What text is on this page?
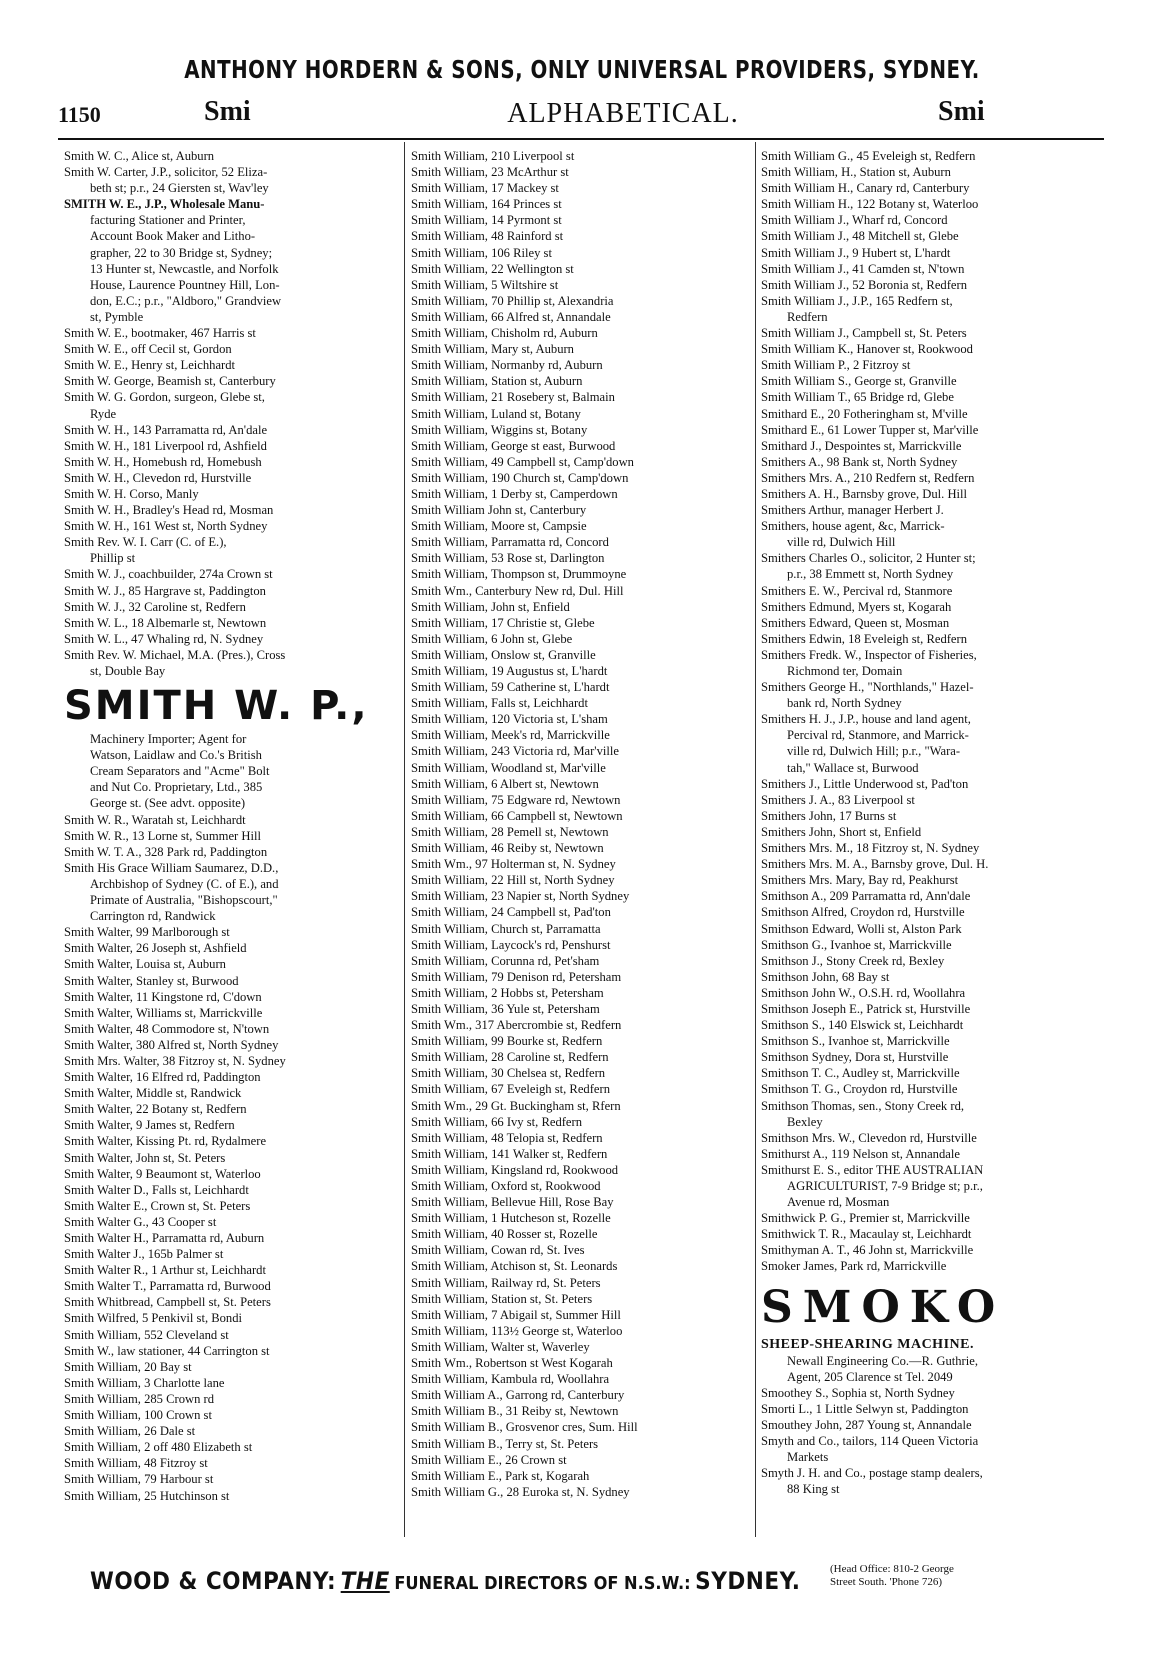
ANTHONY HORDERN & SONS, ONLY UNIVERSAL PROVIDERS, SYDNEY.
1150	Smi	ALPHABETICAL.	Smi
Smith W. C., Alice st, Auburn
Smith W. Carter, J.P., solicitor, 52 Eliza-
beth st; p.r., 24 Giersten st, Wav'ley
SMITH W. E., J.P., Wholesale Manu-
facturing Stationer and Printer,
Account Book Maker and Litho-
grapher, 22 to 30 Bridge st, Sydney;
13 Hunter st, Newcastle, and Norfolk
House, Laurence Pountney Hill, Lon-
don, E.C.; p.r., "Aldboro," Grandview
st, Pymble
Smith W. E., bootmaker, 467 Harris st
Smith W. E., off Cecil st, Gordon
Smith W. E., Henry st, Leichhardt
Smith W. George, Beamish st, Canterbury
Smith W. G. Gordon, surgeon, Glebe st,
Ryde
Smith W. H., 143 Parramatta rd, An'dale
Smith W. H., 181 Liverpool rd, Ashfield
Smith W. H., Homebush rd, Homebush
Smith W. H., Clevedon rd, Hurstville
Smith W. H. Corso, Manly
Smith W. H., Bradley's Head rd, Mosman
Smith W. H., 161 West st, North Sydney
Smith Rev. W. I. Carr (C. of E.),
Phillip st
Smith W. J., coachbuilder, 274a Crown st
Smith W. J., 85 Hargrave st, Paddington
Smith W. J., 32 Caroline st, Redfern
Smith W. L., 18 Albemarle st, Newtown
Smith W. L., 47 Whaling rd, N. Sydney
Smith Rev. W. Michael, M.A. (Pres.), Cross
st, Double Bay
SMITH W. P.,
Machinery Importer; Agent for
Watson, Laidlaw and Co.'s British
Cream Separators and "Acme" Bolt
and Nut Co. Proprietary, Ltd., 385
George st. (See advt. opposite)
Smith W. R., Waratah st, Leichhardt
Smith W. R., 13 Lorne st, Summer Hill
Smith W. T. A., 328 Park rd, Paddington
Smith His Grace William Saumarez, D.D.,
Archbishop of Sydney (C. of E.), and
Primate of Australia, "Bishopscourt,"
Carrington rd, Randwick
Smith Walter, 99 Marlborough st
Smith Walter, 26 Joseph st, Ashfield
Smith Walter, Louisa st, Auburn
Smith Walter, Stanley st, Burwood
Smith Walter, 11 Kingstone rd, C'down
Smith Walter, Williams st, Marrickville
Smith Walter, 48 Commodore st, N'town
Smith Walter, 380 Alfred st, North Sydney
Smith Mrs. Walter, 38 Fitzroy st, N. Sydney
Smith Walter, 16 Elfred rd, Paddington
Smith Walter, Middle st, Randwick
Smith Walter, 22 Botany st, Redfern
Smith Walter, 9 James st, Redfern
Smith Walter, Kissing Pt. rd, Rydalmere
Smith Walter, John st, St. Peters
Smith Walter, 9 Beaumont st, Waterloo
Smith Walter D., Falls st, Leichhardt
Smith Walter E., Crown st, St. Peters
Smith Walter G., 43 Cooper st
Smith Walter H., Parramatta rd, Auburn
Smith Walter J., 165b Palmer st
Smith Walter R., 1 Arthur st, Leichhardt
Smith Walter T., Parramatta rd, Burwood
Smith Whitbread, Campbell st, St. Peters
Smith Wilfred, 5 Penkivil st, Bondi
Smith William, 552 Cleveland st
Smith W., law stationer, 44 Carrington st
Smith William, 20 Bay st
Smith William, 3 Charlotte lane
Smith William, 285 Crown rd
Smith William, 100 Crown st
Smith William, 26 Dale st
Smith William, 2 off 480 Elizabeth st
Smith William, 48 Fitzroy st
Smith William, 79 Harbour st
Smith William, 25 Hutchinson st
Smith William, 210 Liverpool st
Smith William, 23 McArthur st
Smith William, 17 Mackey st
Smith William, 164 Princes st
Smith William, 14 Pyrmont st
Smith William, 48 Rainford st
Smith William, 106 Riley st
Smith William, 22 Wellington st
Smith William, 5 Wiltshire st
Smith William, 70 Phillip st, Alexandria
Smith William, 66 Alfred st, Annandale
Smith William, Chisholm rd, Auburn
Smith William, Mary st, Auburn
Smith William, Normanby rd, Auburn
Smith William, Station st, Auburn
Smith William, 21 Rosebery st, Balmain
Smith William, Luland st, Botany
Smith William, Wiggins st, Botany
Smith William, George st east, Burwood
Smith William, 49 Campbell st, Camp'down
Smith William, 190 Church st, Camp'down
Smith William, 1 Derby st, Camperdown
Smith William John st, Canterbury
Smith William, Moore st, Campsie
Smith William, Parramatta rd, Concord
Smith William, 53 Rose st, Darlington
Smith William, Thompson st, Drummoyne
Smith Wm., Canterbury New rd, Dul. Hill
Smith William, John st, Enfield
Smith William, 17 Christie st, Glebe
Smith William, 6 John st, Glebe
Smith William, Onslow st, Granville
Smith William, 19 Augustus st, L'hardt
Smith William, 59 Catherine st, L'hardt
Smith William, Falls st, Leichhardt
Smith William, 120 Victoria st, L'sham
Smith William, Meek's rd, Marrickville
Smith William, 243 Victoria rd, Mar'ville
Smith William, Woodland st, Mar'ville
Smith William, 6 Albert st, Newtown
Smith William, 75 Edgware rd, Newtown
Smith William, 66 Campbell st, Newtown
Smith William, 28 Pemell st, Newtown
Smith William, 46 Reiby st, Newtown
Smith Wm., 97 Holterman st, N. Sydney
Smith William, 22 Hill st, North Sydney
Smith William, 23 Napier st, North Sydney
Smith William, 24 Campbell st, Pad'ton
Smith William, Church st, Parramatta
Smith William, Laycock's rd, Penshurst
Smith William, Corunna rd, Pet'sham
Smith William, 79 Denison rd, Petersham
Smith William, 2 Hobbs st, Petersham
Smith William, 36 Yule st, Petersham
Smith Wm., 317 Abercrombie st, Redfern
Smith William, 99 Bourke st, Redfern
Smith William, 28 Caroline st, Redfern
Smith William, 30 Chelsea st, Redfern
Smith William, 67 Eveleigh st, Redfern
Smith Wm., 29 Gt. Buckingham st, Rfern
Smith William, 66 Ivy st, Redfern
Smith William, 48 Telopia st, Redfern
Smith William, 141 Walker st, Redfern
Smith William, Kingsland rd, Rookwood
Smith William, Oxford st, Rookwood
Smith William, Bellevue Hill, Rose Bay
Smith William, 1 Hutcheson st, Rozelle
Smith William, 40 Rosser st, Rozelle
Smith William, Cowan rd, St. Ives
Smith William, Atchison st, St. Leonards
Smith William, Railway rd, St. Peters
Smith William, Station st, St. Peters
Smith William, 7 Abigail st, Summer Hill
Smith William, 113½ George st, Waterloo
Smith William, Walter st, Waverley
Smith Wm., Robertson st West Kogarah
Smith William, Kambula rd, Woollahra
Smith William A., Garrong rd, Canterbury
Smith William B., 31 Reiby st, Newtown
Smith William B., Grosvenor cres, Sum. Hill
Smith William B., Terry st, St. Peters
Smith William E., 26 Crown st
Smith William E., Park st, Kogarah
Smith William G., 28 Euroka st, N. Sydney
Smith William G., 45 Eveleigh st, Redfern
Smith William, H., Station st, Auburn
Smith William H., Canary rd, Canterbury
Smith William H., 122 Botany st, Waterloo
Smith William J., Wharf rd, Concord
Smith William J., 48 Mitchell st, Glebe
Smith William J., 9 Hubert st, L'hardt
Smith William J., 41 Camden st, N'town
Smith William J., 52 Boronia st, Redfern
Smith William J., J.P., 165 Redfern st,
Redfern
Smith William J., Campbell st, St. Peters
Smith William K., Hanover st, Rookwood
Smith William P., 2 Fitzroy st
Smith William S., George st, Granville
Smith William T., 65 Bridge rd, Glebe
Smithard E., 20 Fotheringham st, M'ville
Smithard E., 61 Lower Tupper st, Mar'ville
Smithard J., Despointes st, Marrickville
Smithers A., 98 Bank st, North Sydney
Smithers Mrs. A., 210 Redfern st, Redfern
Smithers A. H., Barnsby grove, Dul. Hill
Smithers Arthur, manager Herbert J.
Smithers, house agent, &c, Marrick-
ville rd, Dulwich Hill
Smithers Charles O., solicitor, 2 Hunter st;
p.r., 38 Emmett st, North Sydney
Smithers E. W., Percival rd, Stanmore
Smithers Edmund, Myers st, Kogarah
Smithers Edward, Queen st, Mosman
Smithers Edwin, 18 Eveleigh st, Redfern
Smithers Fredk. W., Inspector of Fisheries,
Richmond ter, Domain
Smithers George H., "Northlands," Hazel-
bank rd, North Sydney
Smithers H. J., J.P., house and land agent,
Percival rd, Stanmore, and Marrick-
ville rd, Dulwich Hill; p.r., "Wara-
tah," Wallace st, Burwood
Smithers J., Little Underwood st, Pad'ton
Smithers J. A., 83 Liverpool st
Smithers John, 17 Burns st
Smithers John, Short st, Enfield
Smithers Mrs. M., 18 Fitzroy st, N. Sydney
Smithers Mrs. M. A., Barnsby grove, Dul. H.
Smithers Mrs. Mary, Bay rd, Peakhurst
Smithson A., 209 Parramatta rd, Ann'dale
Smithson Alfred, Croydon rd, Hurstville
Smithson Edward, Wolli st, Alston Park
Smithson G., Ivanhoe st, Marrickville
Smithson J., Stony Creek rd, Bexley
Smithson John, 68 Bay st
Smithson John W., O.S.H. rd, Woollahra
Smithson Joseph E., Patrick st, Hurstville
Smithson S., 140 Elswick st, Leichhardt
Smithson S., Ivanhoe st, Marrickville
Smithson Sydney, Dora st, Hurstville
Smithson T. C., Audley st, Marrickville
Smithson T. G., Croydon rd, Hurstville
Smithson Thomas, sen., Stony Creek rd,
Bexley
Smithson Mrs. W., Clevedon rd, Hurstville
Smithurst A., 119 Nelson st, Annandale
Smithurst E. S., editor THE AUSTRALIAN
AGRICULTURIST, 7-9 Bridge st; p.r.,
Avenue rd, Mosman
Smithwick P. G., Premier st, Marrickville
Smithwick T. R., Macaulay st, Leichhardt
Smithyman A. T., 46 John st, Marrickville
Smoker James, Park rd, Marrickville
SMOKO
SHEEP-SHEARING MACHINE.
Newall Engineering Co.—R. Guthrie,
Agent, 205 Clarence st Tel. 2049
Smoothey S., Sophia st, North Sydney
Smorti L., 1 Little Selwyn st, Paddington
Smouthey John, 287 Young st, Annandale
Smyth and Co., tailors, 114 Queen Victoria
Markets
Smyth J. H. and Co., postage stamp dealers,
88 King st
WOOD & COMPANY: THE FUNERAL DIRECTORS OF N.S.W.: SYDNEY.	(Head Office: 810-2 George
Street South. 'Phone 726)
